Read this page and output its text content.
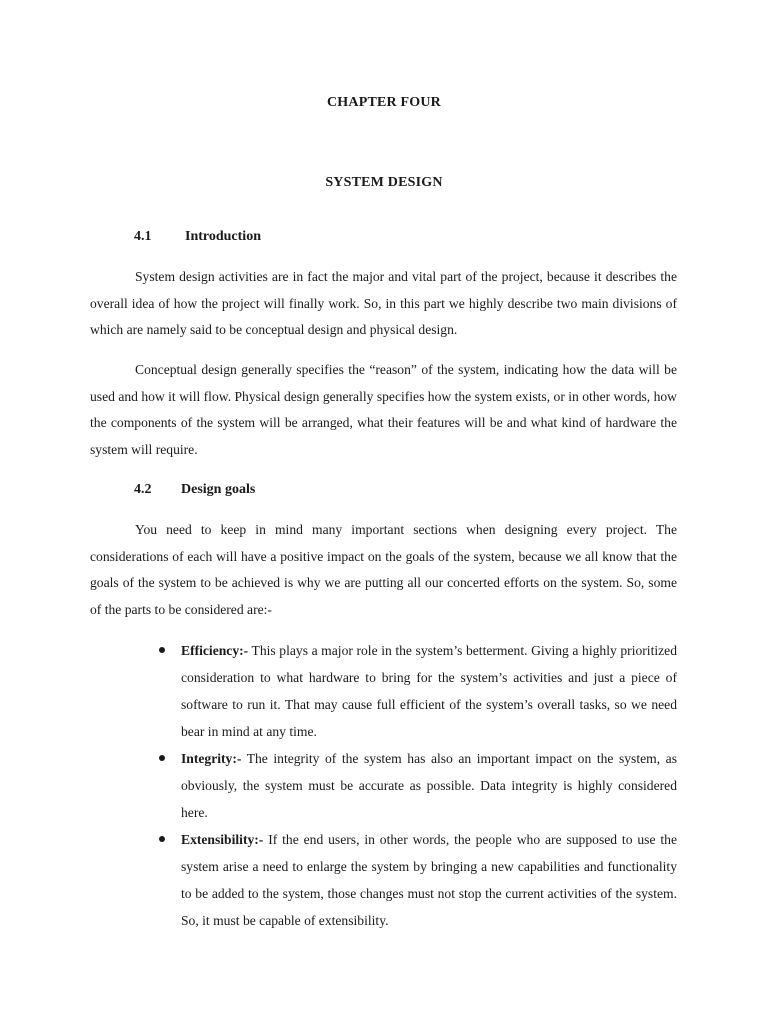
CHAPTER FOUR
SYSTEM DESIGN
4.1 Introduction

System design activities are in fact the major and vital part of the project, because it describes the overall idea of how the project will finally work. So, in this part we highly describe two main divisions of which are namely said to be conceptual design and physical design.

Conceptual design generally specifies the “reason” of the system, indicating how the data will be used and how it will flow. Physical design generally specifies how the system exists, or in other words, how the components of the system will be arranged, what their features will be and what kind of hardware the system will require.

4.2 Design goals

You need to keep in mind many important sections when designing every project. The considerations of each will have a positive impact on the goals of the system, because we all know that the goals of the system to be achieved is why we are putting all our concerted efforts on the system. So, some of the parts to be considered are:-

Efficiency:- This plays a major role in the system’s betterment. Giving a highly prioritized consideration to what hardware to bring for the system’s activities and just a piece of software to run it. That may cause full efficient of the system’s overall tasks, so we need bear in mind at any time.
Integrity:- The integrity of the system has also an important impact on the system, as obviously, the system must be accurate as possible. Data integrity is highly considered here.
Extensibility:- If the end users, in other words, the people who are supposed to use the system arise a need to enlarge the system by bringing a new capabilities and functionality to be added to the system, those changes must not stop the current activities of the system. So, it must be capable of extensibility.
